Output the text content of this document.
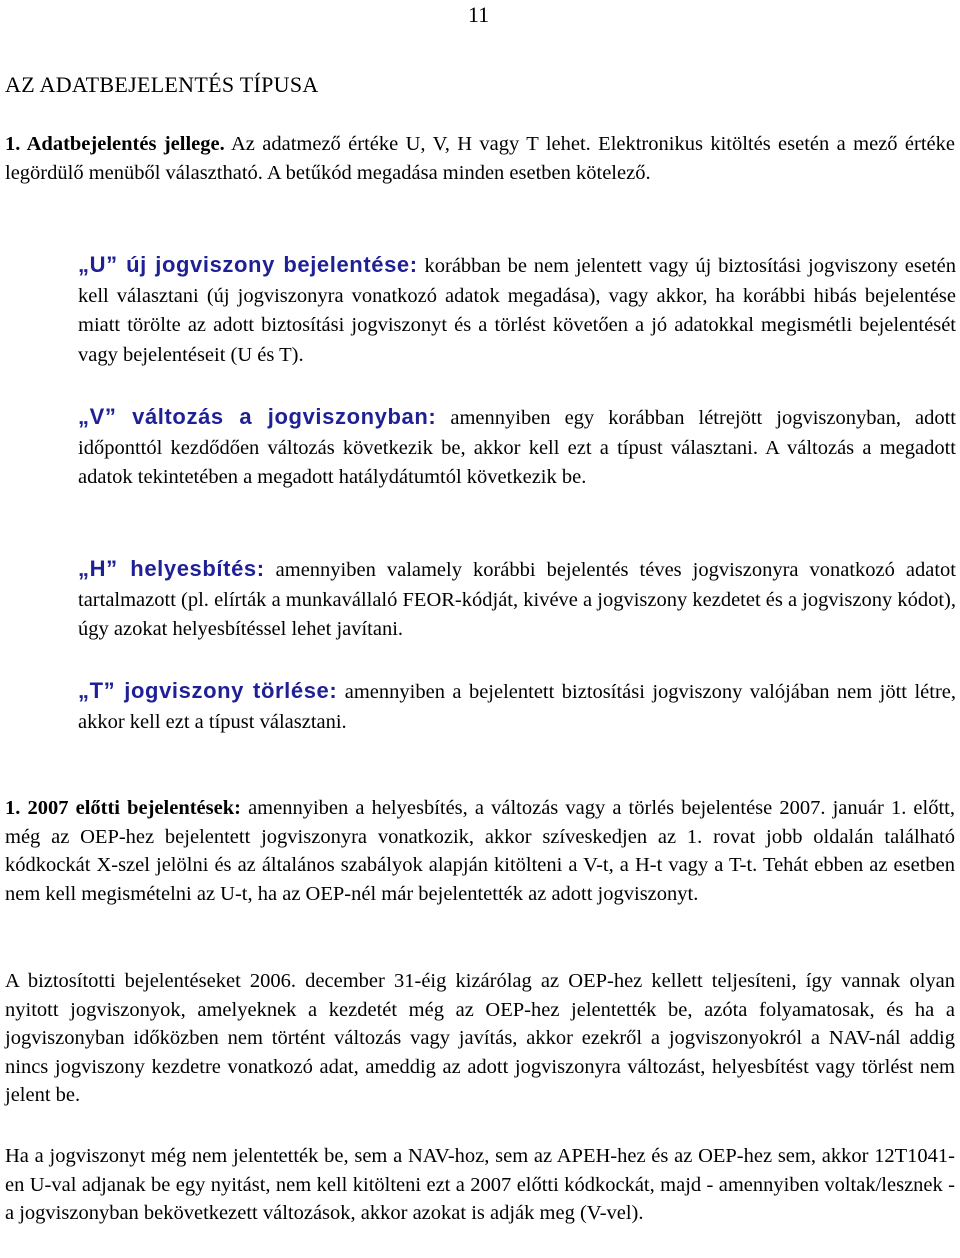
11
AZ ADATBEJELENTÉS TÍPUSA

1. Adatbejelentés jellege. Az adatmező értéke U, V, H vagy T lehet. Elektronikus kitöltés esetén a mező értéke legördülő menüből választható. A betűkód megadása minden esetben kötelező.

„U” új jogviszony bejelentése: korábban be nem jelentett vagy új biztosítási jogviszony esetén kell választani (új jogviszonyra vonatkozó adatok megadása), vagy akkor, ha korábbi hibás bejelentése miatt törölte az adott biztosítási jogviszonyt és a törlést követően a jó adatokkal megismétli bejelentését vagy bejelentéseit (U és T).

„V” változás a jogviszonyban: amennyiben egy korábban létrejött jogviszonyban, adott időponttól kezdődően változás következik be, akkor kell ezt a típust választani. A változás a megadott adatok tekintetében a megadott hatálydátumtól következik be.

„H” helyesbítés: amennyiben valamely korábbi bejelentés téves jogviszonyra vonatkozó adatot tartalmazott (pl. elírták a munkavállaló FEOR-kódját, kivéve a jogviszony kezdetet és a jogviszony kódot), úgy azokat helyesbítéssel lehet javítani.

„T” jogviszony törlése: amennyiben a bejelentett biztosítási jogviszony valójában nem jött létre, akkor kell ezt a típust választani.

1. 2007 előtti bejelentések: amennyiben a helyesbítés, a változás vagy a törlés bejelentése 2007. január 1. előtt, még az OEP-hez bejelentett jogviszonyra vonatkozik, akkor szíveskedjen az 1. rovat jobb oldalán található kódkockát X-szel jelölni és az általános szabályok alapján kitölteni a V-t, a H-t vagy a T-t. Tehát ebben az esetben nem kell megismételni az U-t, ha az OEP-nél már bejelentették az adott jogviszonyt.

A biztosítotti bejelentéseket 2006. december 31-éig kizárólag az OEP-hez kellett teljesíteni, így vannak olyan nyitott jogviszonyok, amelyeknek a kezdetét még az OEP-hez jelentették be, azóta folyamatosak, és ha a jogviszonyban időközben nem történt változás vagy javítás, akkor ezekről a jogviszonyokról a NAV-nál addig nincs jogviszony kezdetre vonatkozó adat, ameddig az adott jogviszonyra változást, helyesbítést vagy törlést nem jelent be.

Ha a jogviszonyt még nem jelentették be, sem a NAV-hoz, sem az APEH-hez és az OEP-hez sem, akkor 12T1041-en U-val adjanak be egy nyitást, nem kell kitölteni ezt a 2007 előtti kódkockát, majd - amennyiben voltak/lesznek - a jogviszonyban bekövetkezett változások, akkor azokat is adják meg (V-vel).
